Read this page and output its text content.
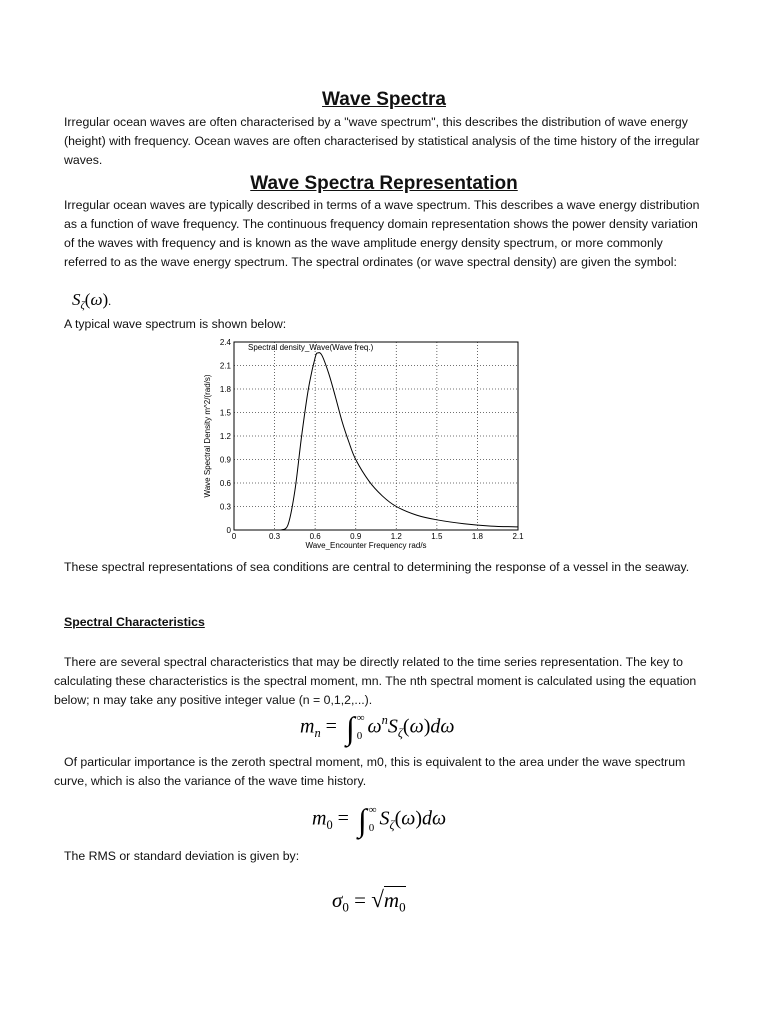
Wave Spectra

Irregular ocean waves are often characterised by a "wave spectrum", this describes the distribution of wave energy (height) with frequency. Ocean waves are often characterised by statistical analysis of the time history of the irregular waves.

Wave Spectra Representation

Irregular ocean waves are typically described in terms of a wave spectrum. This describes a wave energy distribution as a function of wave frequency. The continuous frequency domain representation shows the power density variation of the waves with frequency and is known as the wave amplitude energy density spectrum, or more commonly referred to as the wave energy spectrum. The spectral ordinates (or wave spectral density) are given the symbol:

$S_\zeta(\omega)$.

A typical wave spectrum is shown below:

0	0.3	0.6	0.9	1.2	1.5	1.8	2.1
0
0.3
0.6
0.9
1.2
1.5
1.8
2.1
2.4
Spectral density_Wave(Wave freq.)
Wave_Encounter Frequency rad/s
Wave Spectral Density m^2/(rad/s)

These spectral representations of sea conditions are central to determining the response of a vessel in the seaway.

Spectral Characteristics

There are several spectral characteristics that may be directly related to the time series representation. The key to calculating these characteristics is the spectral moment, mn. The nth spectral moment is calculated using the equation below; n may take any positive integer value (n = 0,1,2,...).

$m_n$ = ∫ ∞
0 $\omega^nS_\zeta(\omega)d\omega$

Of particular importance is the zeroth spectral moment, m0, this is equivalent to the area under the wave spectrum curve, which is also the variance of the wave time history.

$m_0$ = ∫ ∞
0 $S_\zeta(\omega)d\omega$

The RMS or standard deviation is given by:

$\sigma_0 = √m_0$
